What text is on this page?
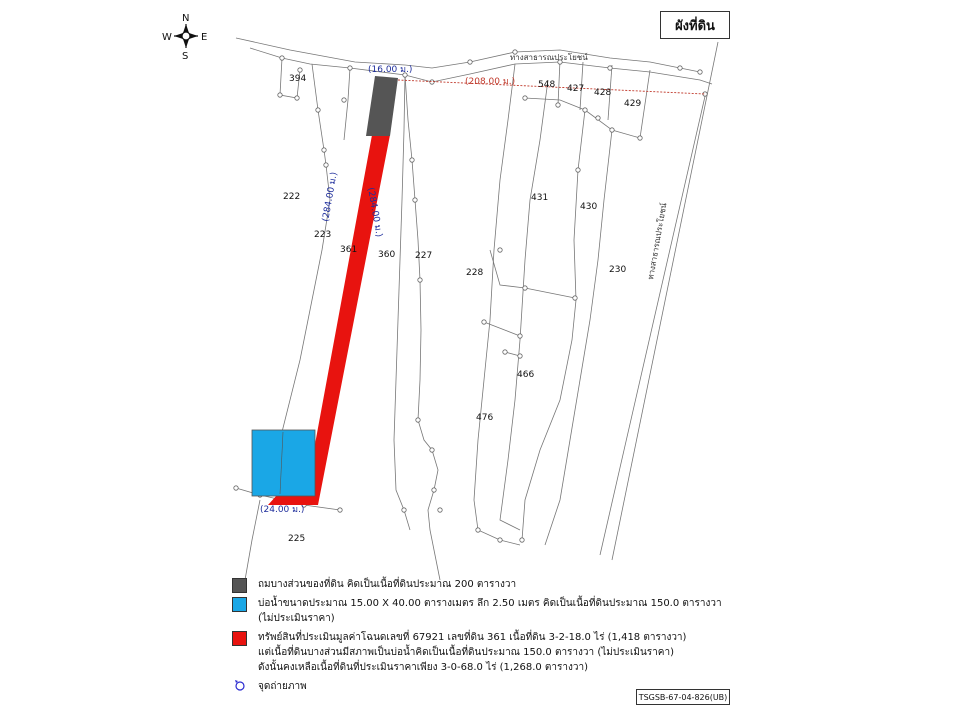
N
S
E
W
(16.00 ม.)
(24.00 ม.)
(208.00 ม.)
(284.00 ม.)	(284.00 ม.)
ทางสาธารณประโยชน์
ทางสาธารณประโยชน์
394
548 427 428
429
222
223
361 360 227
228
431
430
230
466
476
225
ผังที่ดิน
ถมบางส่วนของที่ดิน คิดเป็นเนื้อที่ดินประมาณ 200 ตารางวา
บ่อน้ำขนาดประมาณ 15.00 X 40.00 ตารางเมตร ลึก 2.50 เมตร คิดเป็นเนื้อที่ดินประมาณ 150.0 ตารางวา
(ไม่ประเมินราคา)
ทรัพย์สินที่ประเมินมูลค่าโฉนดเลขที่ 67921 เลขที่ดิน 361 เนื้อที่ดิน 3-2-18.0 ไร่ (1,418 ตารางวา)
แต่เนื้อที่ดินบางส่วนมีสภาพเป็นบ่อน้ำคิดเป็นเนื้อที่ดินประมาณ 150.0 ตารางวา (ไม่ประเมินราคา)
ดังนั้นคงเหลือเนื้อที่ดินที่ประเมินราคาเพียง 3-0-68.0 ไร่ (1,268.0 ตารางวา)
จุดถ่ายภาพ
TSGSB-67-04-826(UB)
